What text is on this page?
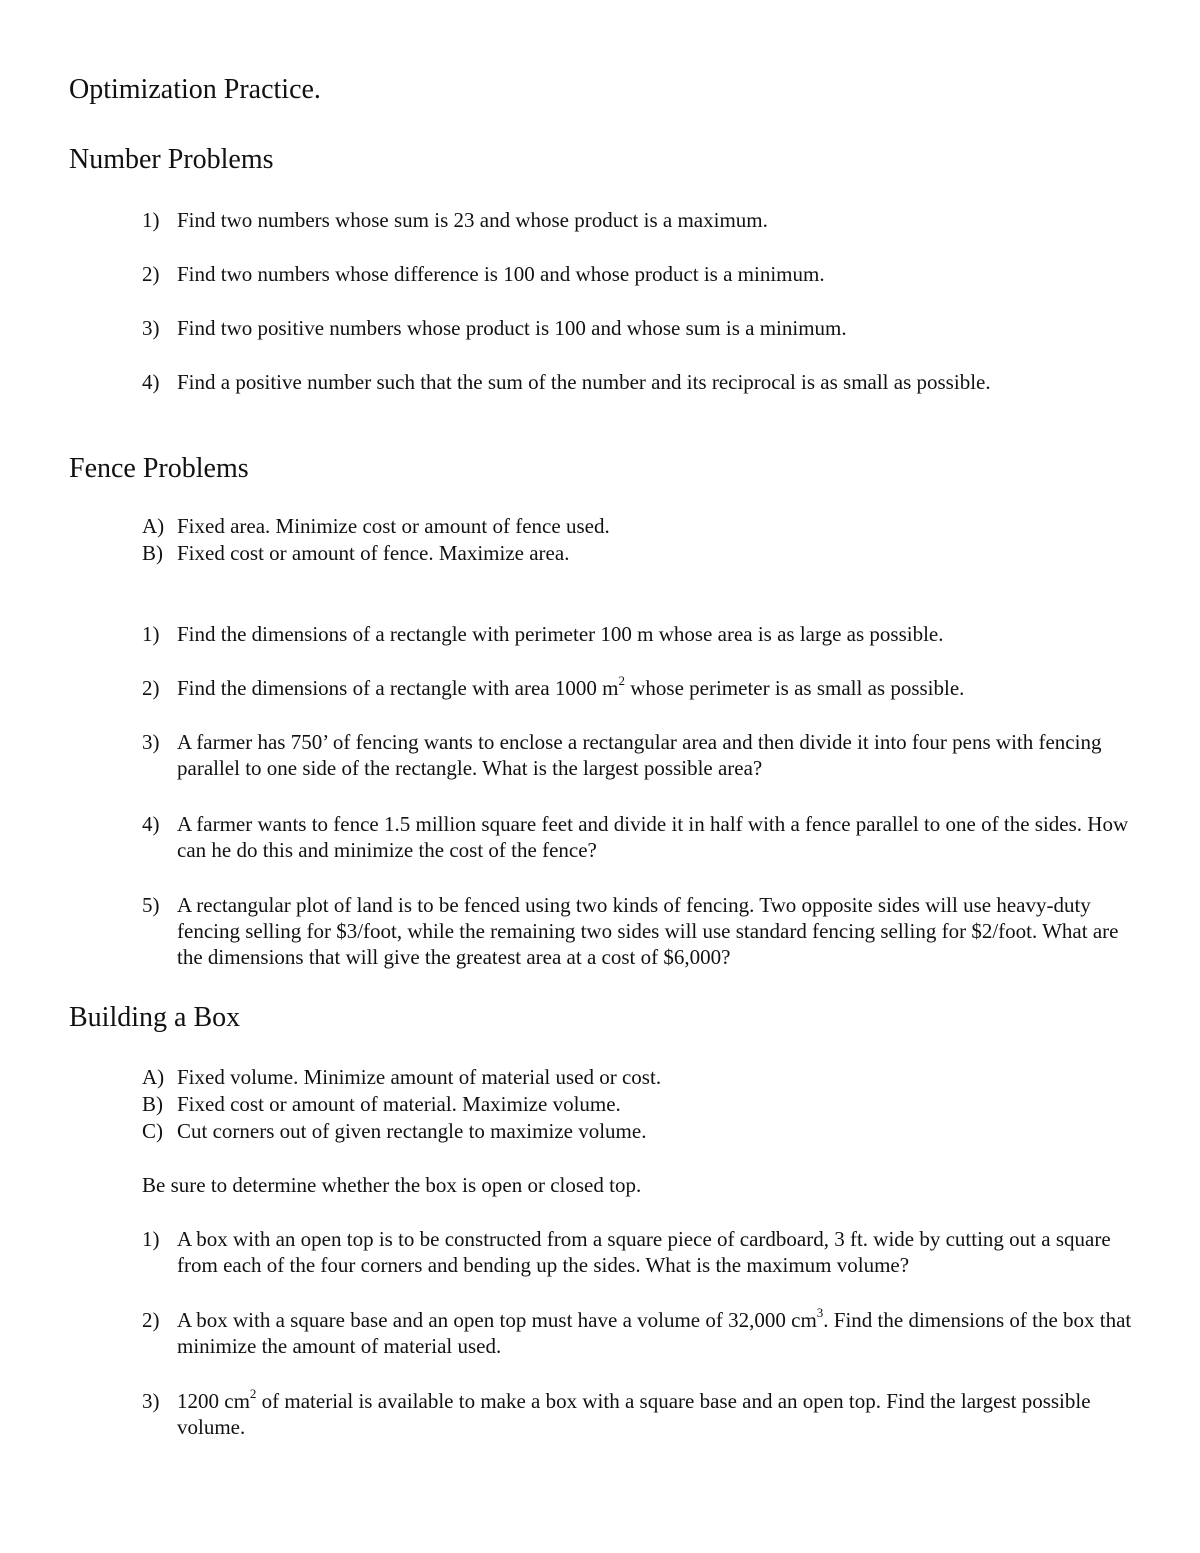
Optimization Practice.
Number Problems
1) Find two numbers whose sum is 23 and whose product is a maximum.
2) Find two numbers whose difference is 100 and whose product is a minimum.
3) Find two positive numbers whose product is 100 and whose sum is a minimum.
4) Find a positive number such that the sum of the number and its reciprocal is as small as possible.
Fence Problems
A) Fixed area. Minimize cost or amount of fence used.
B) Fixed cost or amount of fence. Maximize area.
1) Find the dimensions of a rectangle with perimeter 100 m whose area is as large as possible.
2) Find the dimensions of a rectangle with area 1000 $m^2$ whose perimeter is as small as possible.
3) A farmer has 750’ of fencing wants to enclose a rectangular area and then divide it into four pens with fencing parallel to one side of the rectangle. What is the largest possible area?
4) A farmer wants to fence 1.5 million square feet and divide it in half with a fence parallel to one of the sides. How can he do this and minimize the cost of the fence?
5) A rectangular plot of land is to be fenced using two kinds of fencing. Two opposite sides will use heavy-duty fencing selling for $3/foot, while the remaining two sides will use standard fencing selling for $2/foot. What are the dimensions that will give the greatest area at a cost of $6,000?
Building a Box
A) Fixed volume. Minimize amount of material used or cost.
B) Fixed cost or amount of material. Maximize volume.
C) Cut corners out of given rectangle to maximize volume.
Be sure to determine whether the box is open or closed top.
1) A box with an open top is to be constructed from a square piece of cardboard, 3 ft. wide by cutting out a square from each of the four corners and bending up the sides. What is the maximum volume?
2) A box with a square base and an open top must have a volume of 32,000 $cm^3$. Find the dimensions of the box that minimize the amount of material used.
3) 1200 $cm^2$ of material is available to make a box with a square base and an open top. Find the largest possible volume.
